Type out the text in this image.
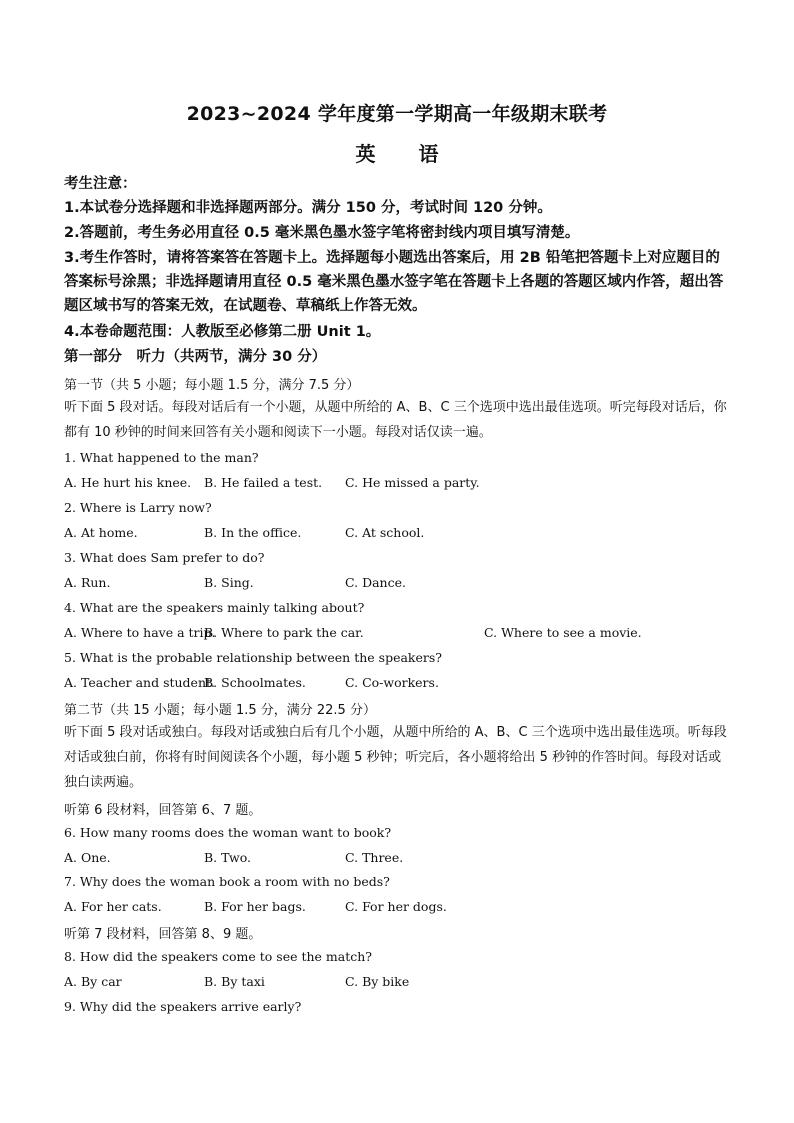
2023~2024 学年度第一学期高一年级期末联考
英 语
考生注意：
1.本试卷分选择题和非选择题两部分。满分 150 分，考试时间 120 分钟。
2.答题前，考生务必用直径 0.5 毫米黑色墨水签字笔将密封线内项目填写清楚。
3.考生作答时，请将答案答在答题卡上。选择题每小题选出答案后，用 2B 铅笔把答题卡上对应题目的答案标号涂黑；非选择题请用直径 0.5 毫米黑色墨水签字笔在答题卡上各题的答题区域内作答，超出答题区域书写的答案无效，在试题卷、草稿纸上作答无效。
4.本卷命题范围：人教版至必修第二册 Unit 1。
第一部分　听力（共两节，满分 30 分）
第一节（共 5 小题；每小题 1.5 分，满分 7.5 分）
听下面 5 段对话。每段对话后有一个小题，从题中所给的 A、B、C 三个选项中选出最佳选项。听完每段对话后，你都有 10 秒钟的时间来回答有关小题和阅读下一小题。每段对话仅读一遍。
1. What happened to the man?
A. He hurt his knee. B. He failed a test. C. He missed a party.
2. Where is Larry now?
A. At home.	B. In the office.	C. At school.
3. What does Sam prefer to do?
A. Run.	B. Sing.	C. Dance.
4. What are the speakers mainly talking about?
A. Where to have a trip.
B. Where to park the car.	C. Where to see a movie.
5. What is the probable relationship between the speakers?
A. Teacher and student.
B. Schoolmates.	C. Co-workers.
第二节（共 15 小题；每小题 1.5 分，满分 22.5 分）
听下面 5 段对话或独白。每段对话或独白后有几个小题，从题中所给的 A、B、C 三个选项中选出最佳选项。听每段对话或独白前，你将有时间阅读各个小题，每小题 5 秒钟；听完后，各小题将给出 5 秒钟的作答时间。每段对话或独白读两遍。
听第 6 段材料，回答第 6、7 题。
6. How many rooms does the woman want to book?
A. One.	B. Two.	C. Three.
7. Why does the woman book a room with no beds?
A. For her cats.	B. For her bags.	C. For her dogs.
听第 7 段材料，回答第 8、9 题。
8. How did the speakers come to see the match?
A. By car	B. By taxi	C. By bike
9. Why did the speakers arrive early?
